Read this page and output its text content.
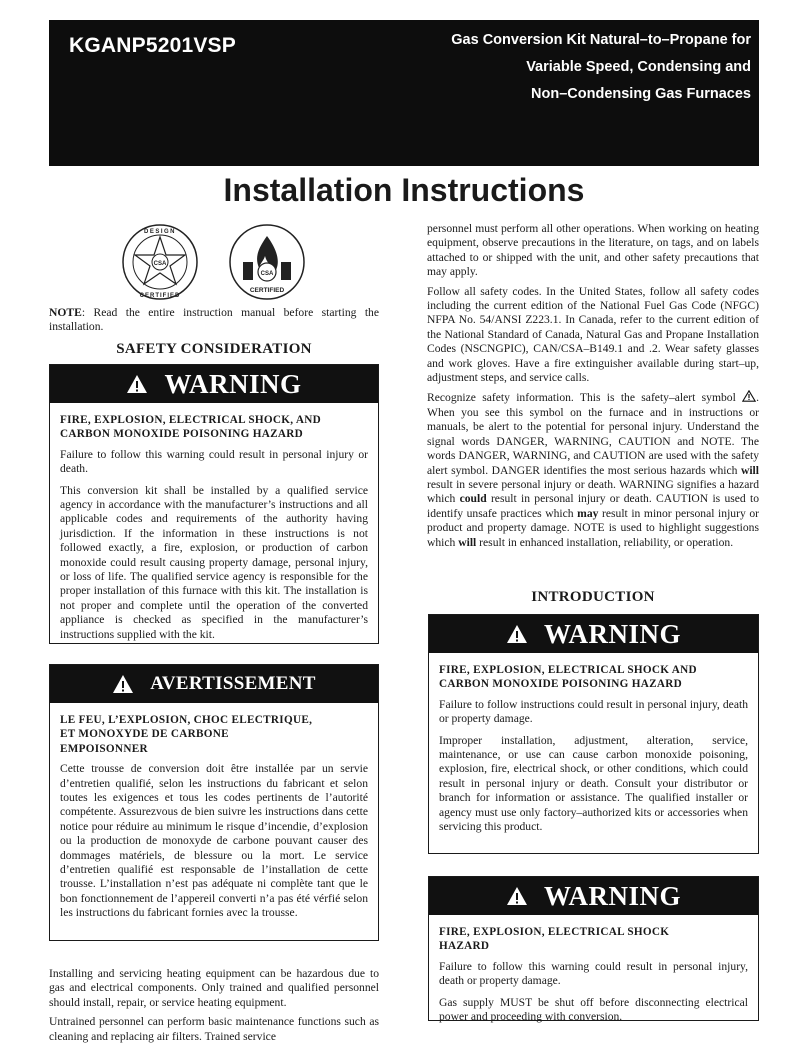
KGANP5201VSP	Gas Conversion Kit Natural–to–Propane for
Variable Speed, Condensing and
Non–Condensing Gas Furnaces
Installation Instructions
CSA
DESIGN
CERTIFIED
CSA
CERTIFIED

NOTE: Read the entire instruction manual before starting the installation.

SAFETY CONSIDERATION
WARNING
FIRE, EXPLOSION, ELECTRICAL SHOCK, AND CARBON MONOXIDE POISONING HAZARD

Failure to follow this warning could result in personal injury or death.

This conversion kit shall be installed by a qualified service agency in accordance with the manufacturer’s instructions and all applicable codes and requirements of the authority having jurisdiction. If the information in these instructions is not followed exactly, a fire, explosion, or production of carbon monoxide could result causing property damage, personal injury, or loss of life. The qualified service agency is responsible for the proper installation of this furnace with this kit. The installation is not proper and complete until the operation of the converted appliance is checked as specified in the manufacturer’s instructions supplied with the kit.

AVERTISSEMENT
LE FEU, L’EXPLOSION, CHOC ELECTRIQUE,
ET MONOXYDE DE CARBONE
EMPOISONNER

Cette trousse de conversion doit être installée par un servie d’entretien qualifié, selon les instructions du fabricant et selon toutes les exigences et tous les codes pertinents de l’autorité compétente. Assurezvous de bien suivre les instructions dans cette notice pour réduire au minimum le risque d’incendie, d’explosion ou la production de monoxyde de carbone pouvant causer des dommages matériels, de blessure ou la mort. Le service d’entretien qualifié est responsable de l’installation de cette trousse. L’installation n’est pas adéquate ni complète tant que le bon fonctionnement de l’appereil converti n’a pas été vérfié selon les instructions du fabricant fornies avec la trousse.

Installing and servicing heating equipment can be hazardous due to gas and electrical components. Only trained and qualified personnel should install, repair, or service heating equipment.

Untrained personnel can perform basic maintenance functions such as cleaning and replacing air filters. Trained service

personnel must perform all other operations. When working on heating equipment, observe precautions in the literature, on tags, and on labels attached to or shipped with the unit, and other safety precautions that may apply.

Follow all safety codes. In the United States, follow all safety codes including the current edition of the National Fuel Gas Code (NFGC) NFPA No. 54/ANSI Z223.1. In Canada, refer to the current edition of the National Standard of Canada, Natural Gas and Propane Installation Codes (NSCNGPIC), CAN/CSA–B149.1 and .2. Wear safety glasses and work gloves. Have a fire extinguisher available during start–up, adjustment steps, and service calls.

Recognize safety information. This is the safety–alert symbol . When you see this symbol on the furnace and in instructions or manuals, be alert to the potential for personal injury. Understand the signal words DANGER, WARNING, CAUTION and NOTE. The words DANGER, WARNING, and CAUTION are used with the safety alert symbol. DANGER identifies the most serious hazards which will result in severe personal injury or death. WARNING signifies a hazard which could result in personal injury or death. CAUTION is used to identify unsafe practices which may result in minor personal injury or product and property damage. NOTE is used to highlight suggestions which will result in enhanced installation, reliability, or operation.

INTRODUCTION
WARNING
FIRE, EXPLOSION, ELECTRICAL SHOCK AND CARBON MONOXIDE POISONING HAZARD

Failure to follow instructions could result in personal injury, death or property damage.

Improper installation, adjustment, alteration, service, maintenance, or use can cause carbon monoxide poisoning, explosion, fire, electrical shock, or other conditions, which could result in personal injury or death. Consult your distributor or branch for information or assistance. The qualified installer or agency must use only factory–authorized kits or accessories when servicing this product.

WARNING
FIRE, EXPLOSION, ELECTRICAL SHOCK
HAZARD

Failure to follow this warning could result in personal injury, death or property damage.

Gas supply MUST be shut off before disconnecting electrical power and proceeding with conversion.
